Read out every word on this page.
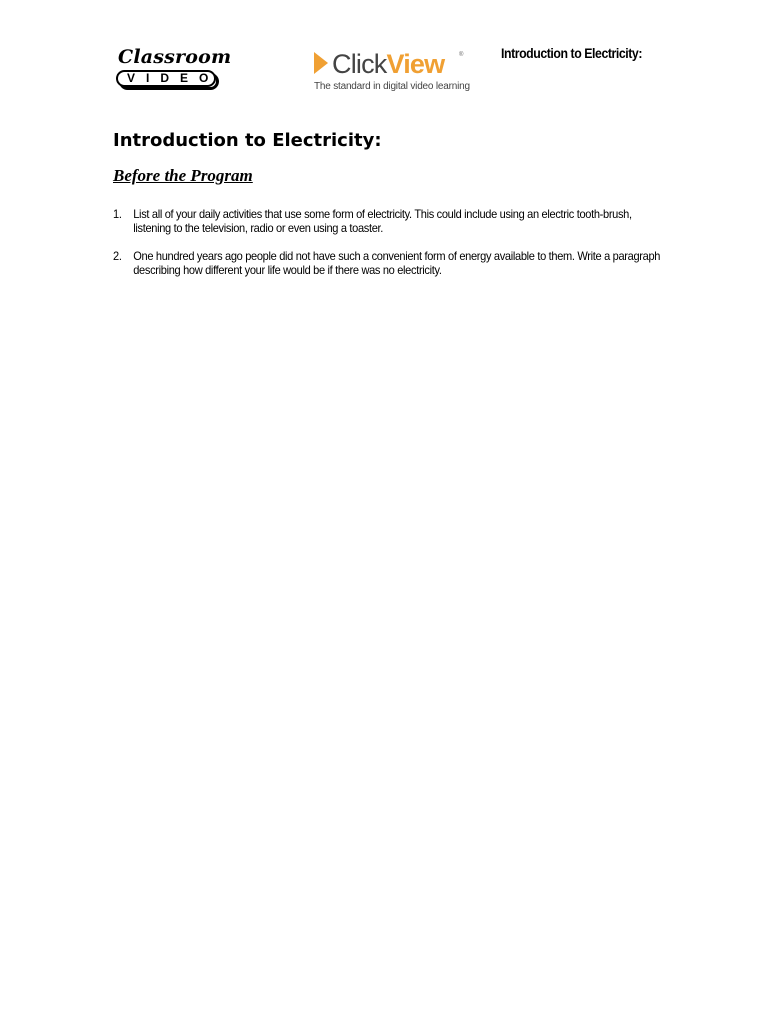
Classroom
VIDEO	ClickView ®
The standard in digital video learning
Introduction to Electricity:
Introduction to Electricity:
Before the Program
1. List all of your daily activities that use some form of electricity. This could include using an electric tooth-brush, listening to the television, radio or even using a toaster.
2. One hundred years ago people did not have such a convenient form of energy available to them. Write a paragraph describing how different your life would be if there was no electricity.
